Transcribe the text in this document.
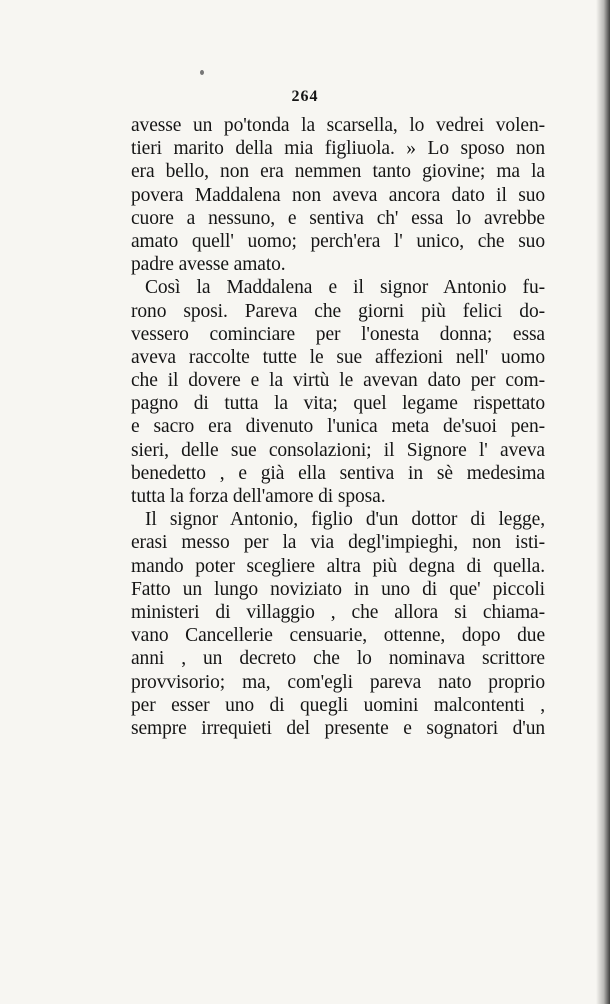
264
avesse un po'tonda la scarsella, lo vedrei volen-
tieri marito della mia figliuola. » Lo sposo non
era bello, non era nemmen tanto giovine; ma la
povera Maddalena non aveva ancora dato il suo
cuore a nessuno, e sentiva ch' essa lo avrebbe
amato quell' uomo; perch'era l' unico, che suo
padre avesse amato.
Così la Maddalena e il signor Antonio fu-
rono sposi. Pareva che giorni più felici do-
vessero cominciare per l'onesta donna; essa
aveva raccolte tutte le sue affezioni nell' uomo
che il dovere e la virtù le avevan dato per com-
pagno di tutta la vita; quel legame rispettato
e sacro era divenuto l'unica meta de'suoi pen-
sieri, delle sue consolazioni; il Signore l' aveva
benedetto , e già ella sentiva in sè medesima
tutta la forza dell'amore di sposa.
Il signor Antonio, figlio d'un dottor di legge,
erasi messo per la via degl'impieghi, non isti-
mando poter scegliere altra più degna di quella.
Fatto un lungo noviziato in uno di que' piccoli
ministeri di villaggio , che allora si chiama-
vano Cancellerie censuarie, ottenne, dopo due
anni , un decreto che lo nominava scrittore
provvisorio; ma, com'egli pareva nato proprio
per esser uno di quegli uomini malcontenti ,
sempre irrequieti del presente e sognatori d'un
